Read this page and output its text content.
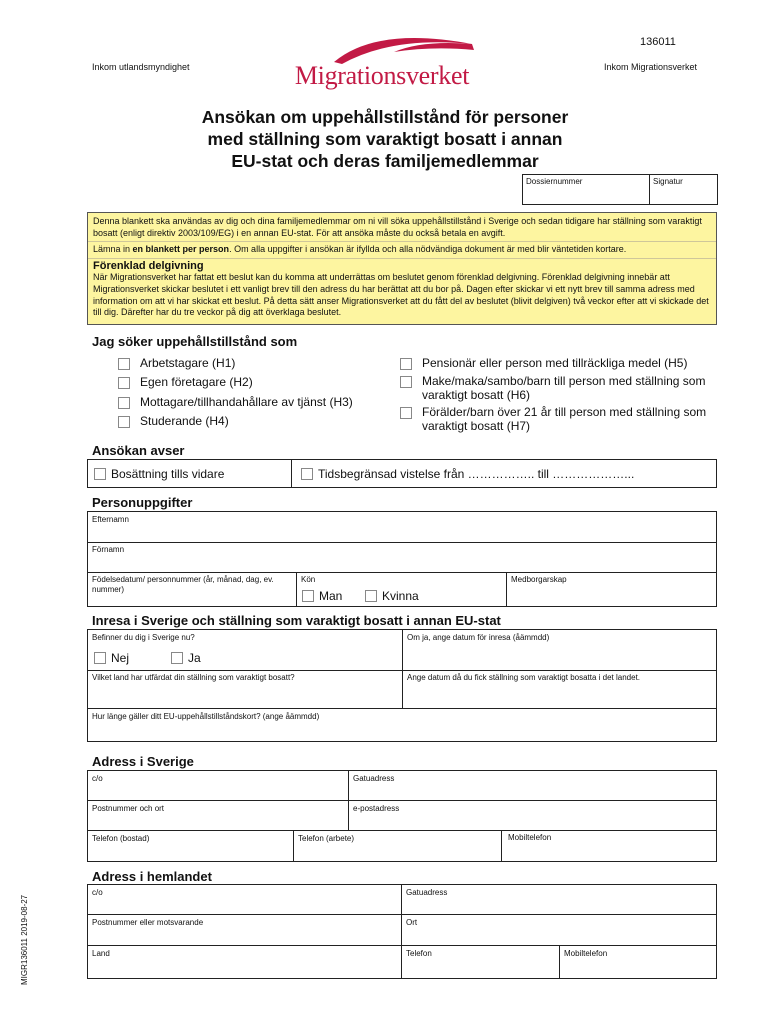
136011
Inkom utlandsmyndighet	Inkom Migrationsverket
Migrationsverket
Ansökan om uppehållstillstånd för personer
med ställning som varaktigt bosatt i annan
EU-stat och deras familjemedlemmar
Dossiernummer	Signatur

Denna blankett ska användas av dig och dina familjemedlemmar om ni vill söka uppehållstillstånd i Sverige och sedan tidigare har ställning som varaktigt bosatt (enligt direktiv 2003/109/EG) i en annan EU-stat. För att ansöka måste du också betala en avgift.

Lämna in en blankett per person. Om alla uppgifter i ansökan är ifyllda och alla nödvändiga dokument är med blir väntetiden kortare.

Förenklad delgivning

När Migrationsverket har fattat ett beslut kan du komma att underrättas om beslutet genom förenklad delgivning. Förenklad delgivning innebär att Migrationsverket skickar beslutet i ett vanligt brev till den adress du har berättat att du bor på. Dagen efter skickar vi ett nytt brev till samma adress med information om att vi har skickat ett beslut. På detta sätt anser Migrationsverket att du fått del av beslutet (blivit delgiven) två veckor efter att vi skickade det till dig. Därefter har du tre veckor på dig att överklaga beslutet.

Jag söker uppehållstillstånd som
Arbetstagare (H1)
Egen företagare (H2)
Mottagare/tillhandahållare av tjänst (H3)
Studerande (H4)
Pensionär eller person med tillräckliga medel (H5)
Make/maka/sambo/barn till person med ställning som varaktigt bosatt (H6)
Förälder/barn över 21 år till person med ställning som varaktigt bosatt (H7)
Ansökan avser
Bosättning tills vidare	Tidsbegränsad vistelse från …………….. till ………………...
Personuppgifter
Efternamn
Förnamn
Födelsedatum/ personnummer (år, månad, dag, ev. nummer)
Kön
Man	Kvinna
Medborgarskap
Inresa i Sverige och ställning som varaktigt bosatt i annan EU-stat
Befinner du dig i Sverige nu?
Nej	Ja
Om ja, ange datum för inresa (åämmdd)
Vilket land har utfärdat din ställning som varaktigt bosatt?	Ange datum då du fick ställning som varaktigt bosatta i det landet.
Hur länge gäller ditt EU-uppehållstillståndskort? (ange åämmdd)
Adress i Sverige
c/o	Gatuadress
Postnummer och ort	e-postadress
Telefon (bostad)	Telefon (arbete)	Mobiltelefon
Adress i hemlandet
c/o	Gatuadress
Postnummer eller motsvarande	Ort
Land	Telefon	Mobiltelefon
MIGR136011 2019-08-27
